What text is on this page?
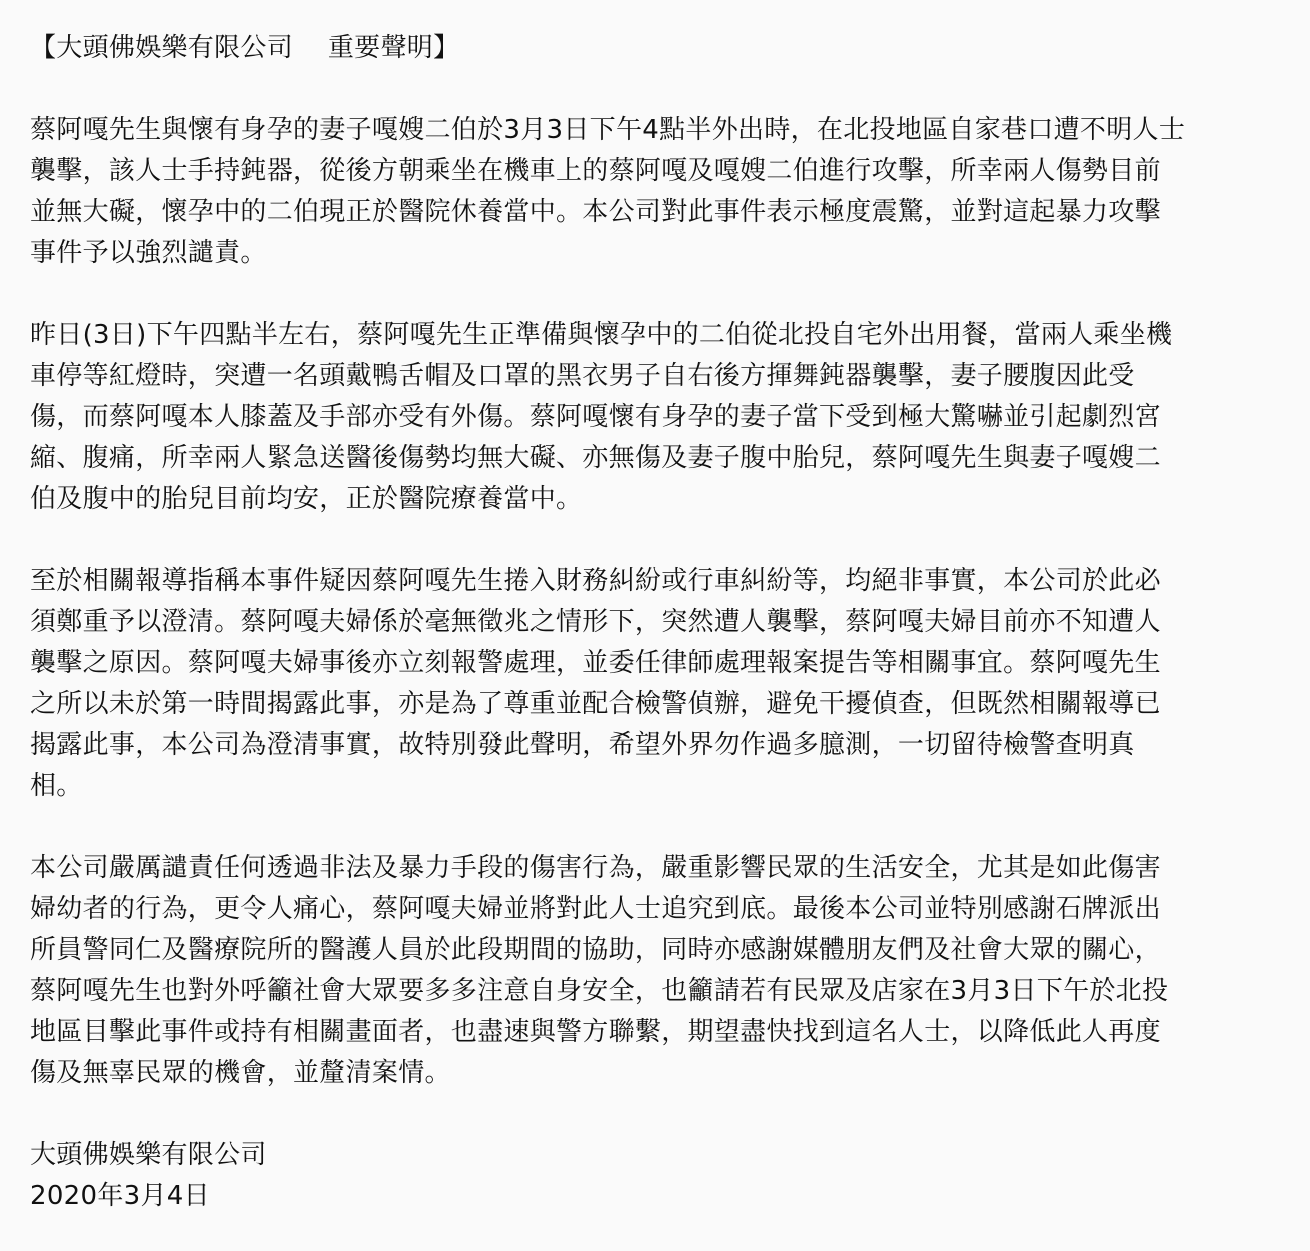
【大頭佛娛樂有限公司　 重要聲明】
蔡阿嘎先生與懷有身孕的妻子嘎嫂二伯於3月3日下午4點半外出時，在北投地區自家巷口遭不明人士
襲擊，該人士手持鈍器，從後方朝乘坐在機車上的蔡阿嘎及嘎嫂二伯進行攻擊，所幸兩人傷勢目前
並無大礙，懷孕中的二伯現正於醫院休養當中。本公司對此事件表示極度震驚，並對這起暴力攻擊
事件予以強烈譴責。
昨日(3日)下午四點半左右，蔡阿嘎先生正準備與懷孕中的二伯從北投自宅外出用餐，當兩人乘坐機
車停等紅燈時，突遭一名頭戴鴨舌帽及口罩的黑衣男子自右後方揮舞鈍器襲擊，妻子腰腹因此受
傷，而蔡阿嘎本人膝蓋及手部亦受有外傷。蔡阿嘎懷有身孕的妻子當下受到極大驚嚇並引起劇烈宮
縮、腹痛，所幸兩人緊急送醫後傷勢均無大礙、亦無傷及妻子腹中胎兒，蔡阿嘎先生與妻子嘎嫂二
伯及腹中的胎兒目前均安，正於醫院療養當中。
至於相關報導指稱本事件疑因蔡阿嘎先生捲入財務糾紛或行車糾紛等，均絕非事實，本公司於此必
須鄭重予以澄清。蔡阿嘎夫婦係於毫無徵兆之情形下，突然遭人襲擊，蔡阿嘎夫婦目前亦不知遭人
襲擊之原因。蔡阿嘎夫婦事後亦立刻報警處理，並委任律師處理報案提告等相關事宜。蔡阿嘎先生
之所以未於第一時間揭露此事，亦是為了尊重並配合檢警偵辦，避免干擾偵查，但既然相關報導已
揭露此事，本公司為澄清事實，故特別發此聲明，希望外界勿作過多臆測，一切留待檢警查明真
相。
本公司嚴厲譴責任何透過非法及暴力手段的傷害行為，嚴重影響民眾的生活安全，尤其是如此傷害
婦幼者的行為，更令人痛心，蔡阿嘎夫婦並將對此人士追究到底。最後本公司並特別感謝石牌派出
所員警同仁及醫療院所的醫護人員於此段期間的協助，同時亦感謝媒體朋友們及社會大眾的關心，
蔡阿嘎先生也對外呼籲社會大眾要多多注意自身安全，也籲請若有民眾及店家在3月3日下午於北投
地區目擊此事件或持有相關畫面者，也盡速與警方聯繫，期望盡快找到這名人士，以降低此人再度
傷及無辜民眾的機會，並釐清案情。
大頭佛娛樂有限公司
2020年3月4日
